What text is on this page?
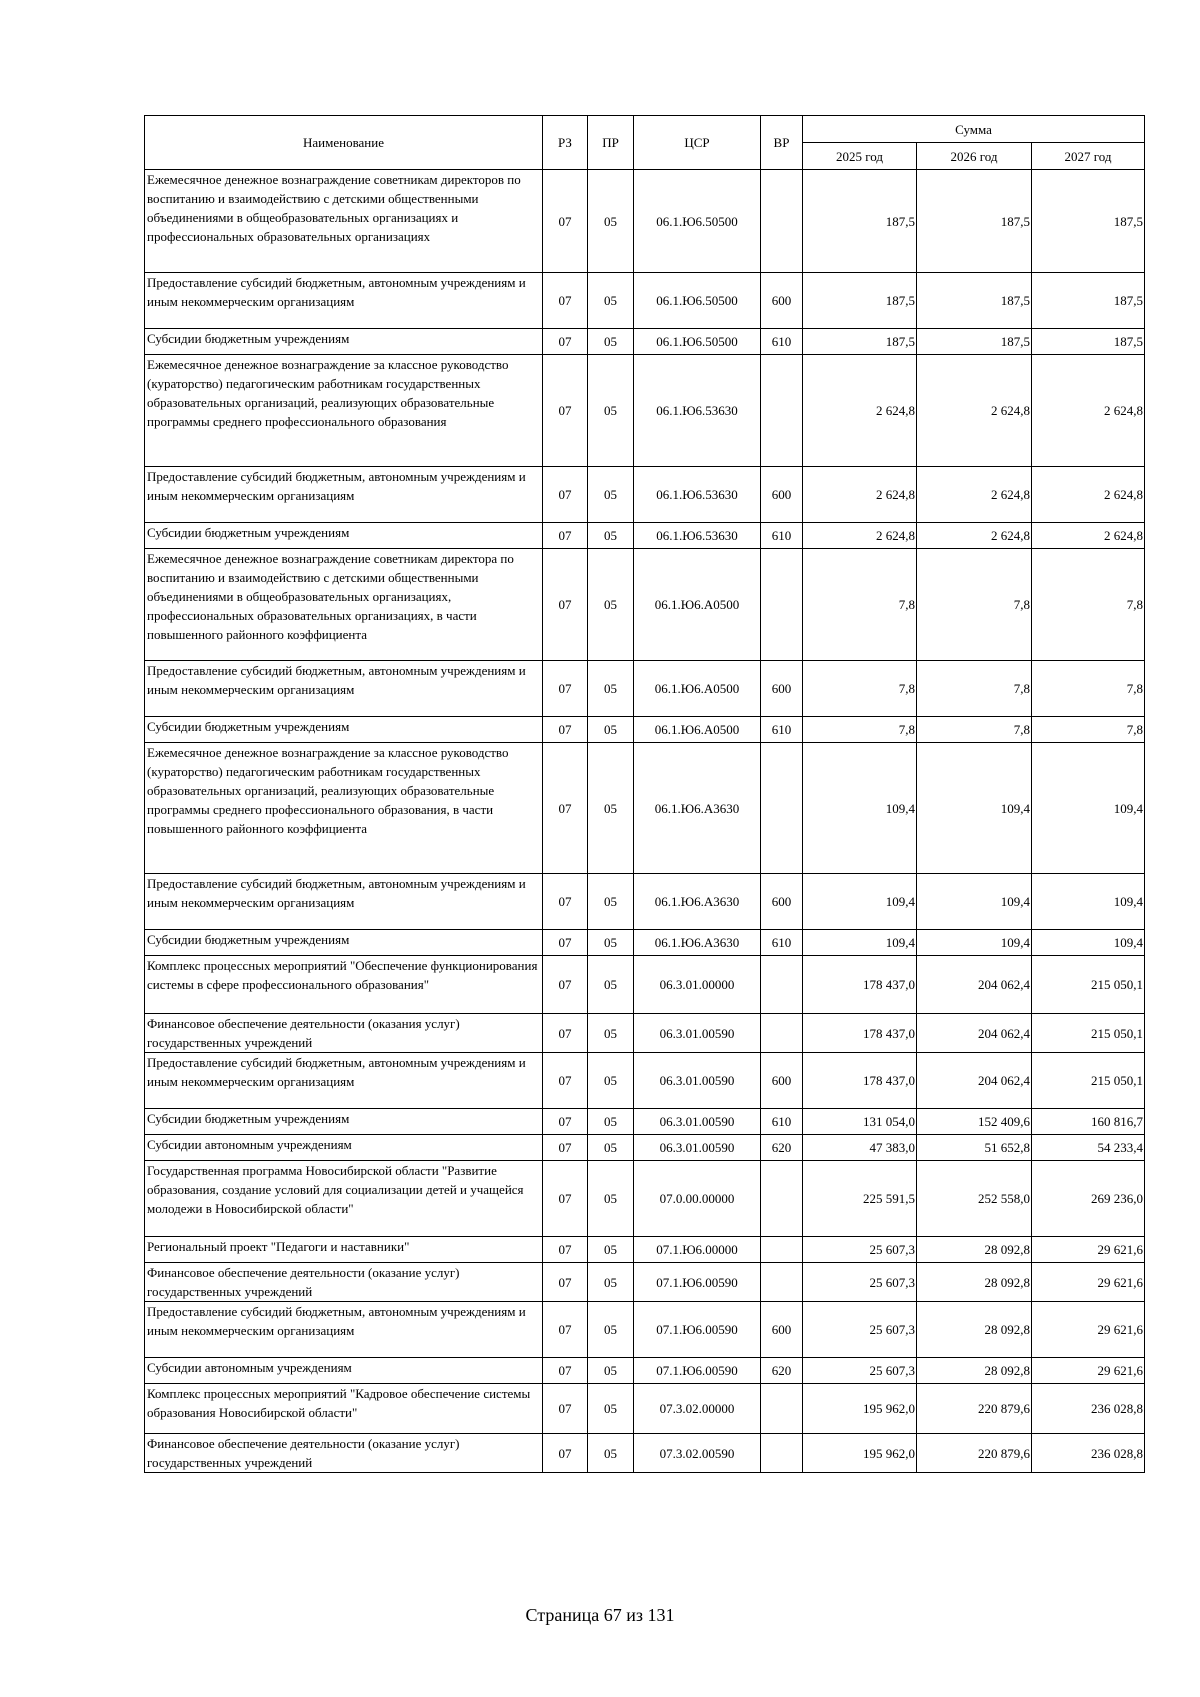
Наименование	РЗ	ПР	ЦСР	ВР	Сумма		
					2025 год	2026 год	2027 год
Ежемесячное денежное вознаграждение советникам директоров по воспитанию и взаимодействию с детскими общественными объединениями в общеобразовательных организациях и профессиональных образовательных организациях	07	05	06.1.Ю6.50500		187,5	187,5	187,5
Предоставление субсидий бюджетным, автономным учреждениям и иным некоммерческим организациям	07	05	06.1.Ю6.50500	600	187,5	187,5	187,5
Субсидии бюджетным учреждениям	07	05	06.1.Ю6.50500	610	187,5	187,5	187,5
Ежемесячное денежное вознаграждение за классное руководство (кураторство) педагогическим работникам государственных образовательных организаций, реализующих образовательные программы среднего профессионального образования	07	05	06.1.Ю6.53630		2 624,8	2 624,8	2 624,8
Предоставление субсидий бюджетным, автономным учреждениям и иным некоммерческим организациям	07	05	06.1.Ю6.53630	600	2 624,8	2 624,8	2 624,8
Субсидии бюджетным учреждениям	07	05	06.1.Ю6.53630	610	2 624,8	2 624,8	2 624,8
Ежемесячное денежное вознаграждение советникам директора по воспитанию и взаимодействию с детскими общественными объединениями в общеобразовательных организациях, профессиональных образовательных организациях, в части повышенного районного коэффициента	07	05	06.1.Ю6.А0500		7,8	7,8	7,8
Предоставление субсидий бюджетным, автономным учреждениям и иным некоммерческим организациям	07	05	06.1.Ю6.А0500	600	7,8	7,8	7,8
Субсидии бюджетным учреждениям	07	05	06.1.Ю6.А0500	610	7,8	7,8	7,8
Ежемесячное денежное вознаграждение за классное руководство (кураторство) педагогическим работникам государственных образовательных организаций, реализующих образовательные программы среднего профессионального образования, в части повышенного районного коэффициента	07	05	06.1.Ю6.А3630		109,4	109,4	109,4
Предоставление субсидий бюджетным, автономным учреждениям и иным некоммерческим организациям	07	05	06.1.Ю6.А3630	600	109,4	109,4	109,4
Субсидии бюджетным учреждениям	07	05	06.1.Ю6.А3630	610	109,4	109,4	109,4
Комплекс процессных мероприятий "Обеспечение функционирования системы в сфере профессионального образования"	07	05	06.3.01.00000		178 437,0	204 062,4	215 050,1
Финансовое обеспечение деятельности (оказания услуг) государственных учреждений	07	05	06.3.01.00590		178 437,0	204 062,4	215 050,1
Предоставление субсидий бюджетным, автономным учреждениям и иным некоммерческим организациям	07	05	06.3.01.00590	600	178 437,0	204 062,4	215 050,1
Субсидии бюджетным учреждениям	07	05	06.3.01.00590	610	131 054,0	152 409,6	160 816,7
Субсидии автономным учреждениям	07	05	06.3.01.00590	620	47 383,0	51 652,8	54 233,4
Государственная программа Новосибирской области "Развитие образования, создание условий для социализации детей и учащейся молодежи в Новосибирской области"	07	05	07.0.00.00000		225 591,5	252 558,0	269 236,0
Региональный проект "Педагоги и наставники"	07	05	07.1.Ю6.00000		25 607,3	28 092,8	29 621,6
Финансовое обеспечение деятельности (оказание услуг) государственных учреждений	07	05	07.1.Ю6.00590		25 607,3	28 092,8	29 621,6
Предоставление субсидий бюджетным, автономным учреждениям и иным некоммерческим организациям	07	05	07.1.Ю6.00590	600	25 607,3	28 092,8	29 621,6
Субсидии автономным учреждениям	07	05	07.1.Ю6.00590	620	25 607,3	28 092,8	29 621,6
Комплекс процессных мероприятий "Кадровое обеспечение системы образования Новосибирской области"	07	05	07.3.02.00000		195 962,0	220 879,6	236 028,8
Финансовое обеспечение деятельности (оказание услуг) государственных учреждений	07	05	07.3.02.00590		195 962,0	220 879,6	236 028,8
Страница 67 из 131
